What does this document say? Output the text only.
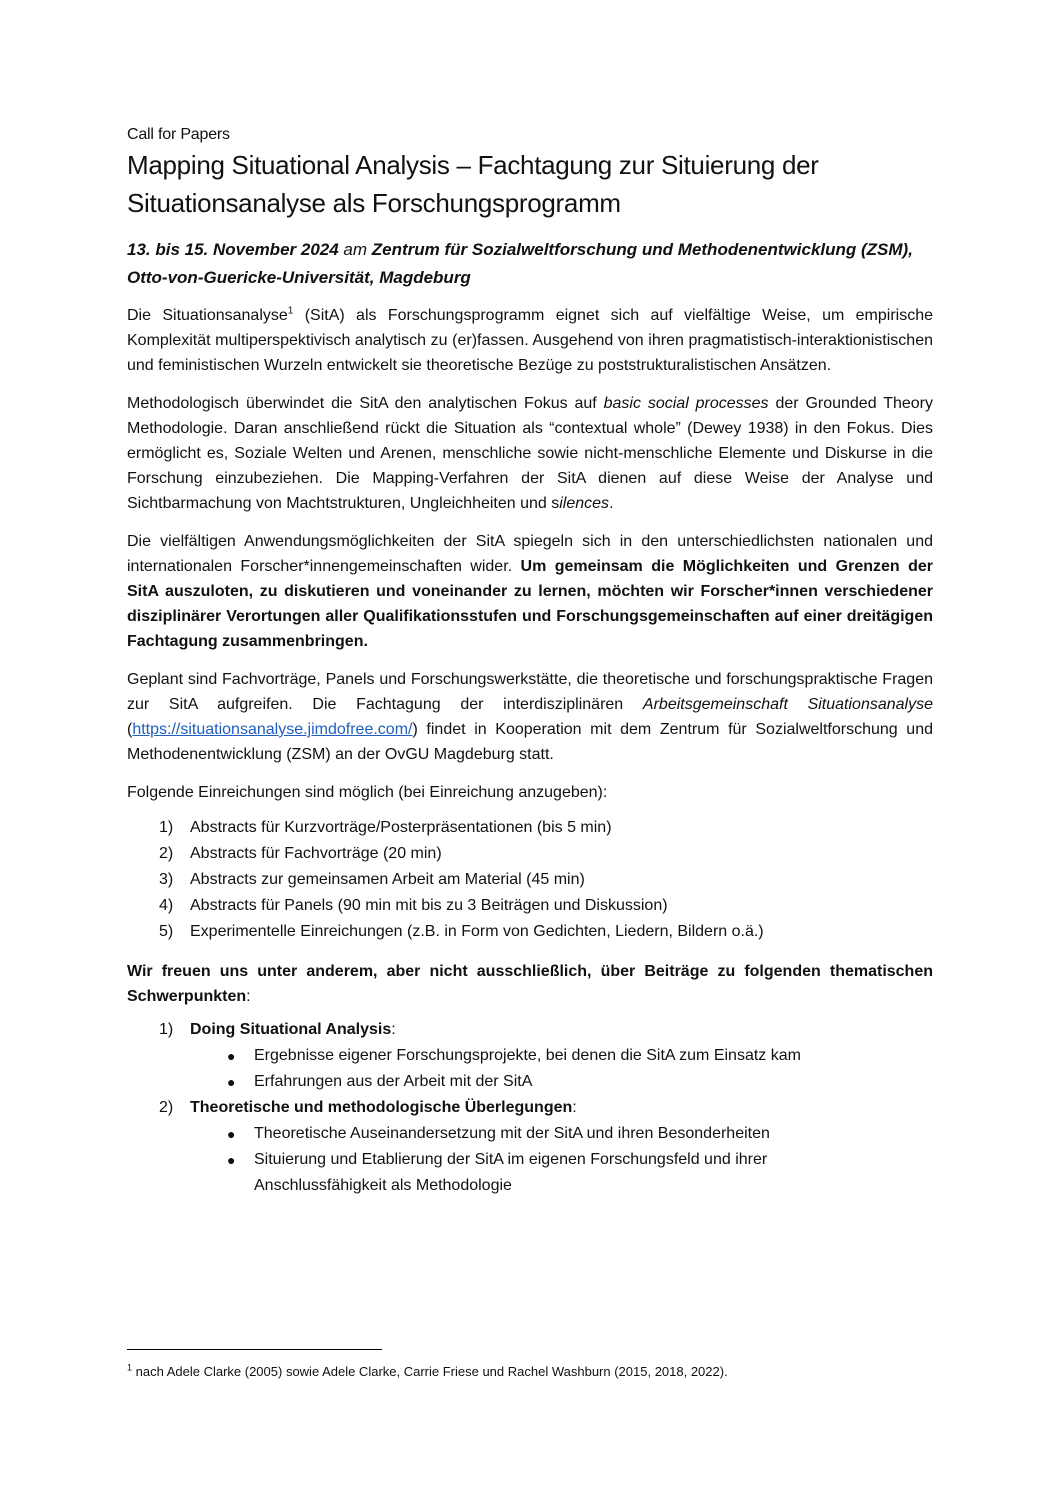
Call for Papers
Mapping Situational Analysis – Fachtagung zur Situierung der Situationsanalyse als Forschungsprogramm
13. bis 15. November 2024 am Zentrum für Sozialweltforschung und Methodenentwicklung (ZSM), Otto-von-Guericke-Universität, Magdeburg

Die Situationsanalyse$^1$ (SitA) als Forschungsprogramm eignet sich auf vielfältige Weise, um empirische Komplexität multiperspektivisch analytisch zu (er)fassen. Ausgehend von ihren pragmatistisch-interaktionistischen und feministischen Wurzeln entwickelt sie theoretische Bezüge zu poststrukturalistischen Ansätzen.

Methodologisch überwindet die SitA den analytischen Fokus auf basic social processes der Grounded Theory Methodologie. Daran anschließend rückt die Situation als “contextual whole” (Dewey 1938) in den Fokus. Dies ermöglicht es, Soziale Welten und Arenen, menschliche sowie nicht-menschliche Elemente und Diskurse in die Forschung einzubeziehen. Die Mapping-Verfahren der SitA dienen auf diese Weise der Analyse und Sichtbarmachung von Machtstrukturen, Ungleichheiten und silences.

Die vielfältigen Anwendungsmöglichkeiten der SitA spiegeln sich in den unterschiedlichsten nationalen und internationalen Forscher*innengemeinschaften wider. Um gemeinsam die Möglichkeiten und Grenzen der SitA auszuloten, zu diskutieren und voneinander zu lernen, möchten wir Forscher*innen verschiedener disziplinärer Verortungen aller Qualifikationsstufen und Forschungsgemeinschaften auf einer dreitägigen Fachtagung zusammenbringen.

Geplant sind Fachvorträge, Panels und Forschungswerkstätte, die theoretische und forschungspraktische Fragen zur SitA aufgreifen. Die Fachtagung der interdisziplinären Arbeitsgemeinschaft Situationsanalyse (https://situationsanalyse.jimdofree.com/) findet in Kooperation mit dem Zentrum für Sozialweltforschung und Methodenentwicklung (ZSM) an der OvGU Magdeburg statt.

Folgende Einreichungen sind möglich (bei Einreichung anzugeben):

1)	Abstracts für Kurzvorträge/Posterpräsentationen (bis 5 min)
2)	Abstracts für Fachvorträge (20 min)
3)	Abstracts zur gemeinsamen Arbeit am Material (45 min)
4)	Abstracts für Panels (90 min mit bis zu 3 Beiträgen und Diskussion)
5)	Experimentelle Einreichungen (z.B. in Form von Gedichten, Liedern, Bildern o.ä.)

Wir freuen uns unter anderem, aber nicht ausschließlich, über Beiträge zu folgenden thematischen Schwerpunkten:

1)	Doing Situational Analysis:
●	Ergebnisse eigener Forschungsprojekte, bei denen die SitA zum Einsatz kam
●	Erfahrungen aus der Arbeit mit der SitA
2)	Theoretische und methodologische Überlegungen:
●	Theoretische Auseinandersetzung mit der SitA und ihren Besonderheiten
●	Situierung und Etablierung der SitA im eigenen Forschungsfeld und ihrer Anschlussfähigkeit als Methodologie
$^1$ nach Adele Clarke (2005) sowie Adele Clarke, Carrie Friese und Rachel Washburn (2015, 2018, 2022).
